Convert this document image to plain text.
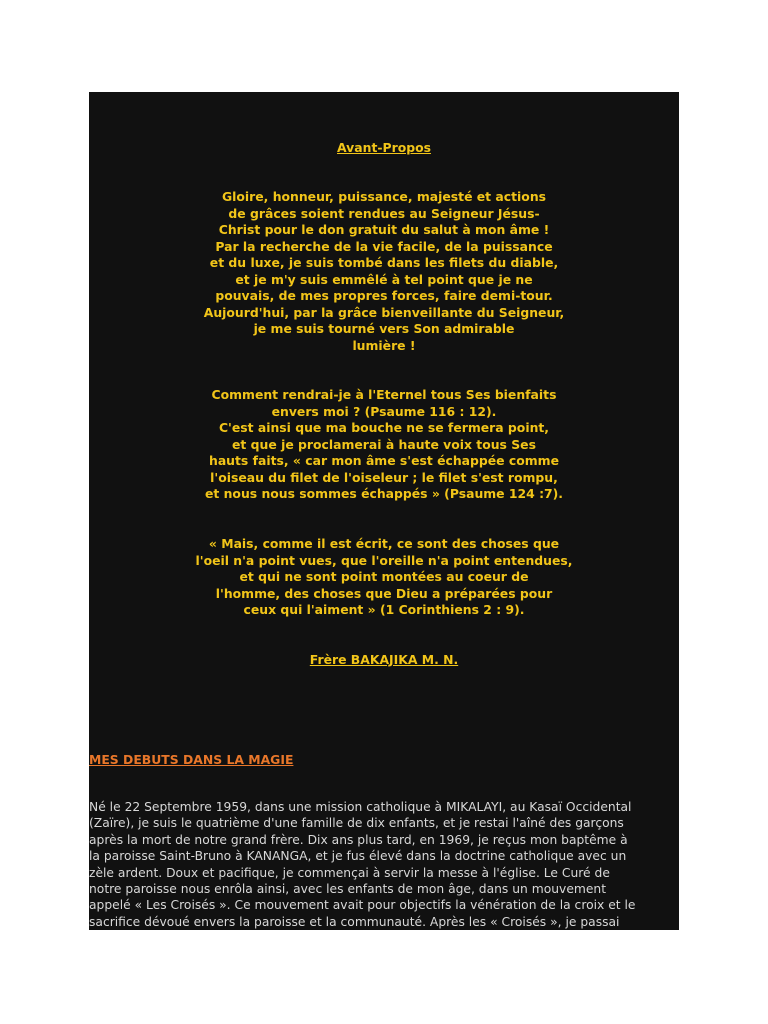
Avant-Propos

Gloire, honneur, puissance, majesté et actions
de grâces soient rendues au Seigneur Jésus-
Christ pour le don gratuit du salut à mon âme !
Par la recherche de la vie facile, de la puissance
et du luxe, je suis tombé dans les filets du diable,
et je m'y suis emmêlé à tel point que je ne
pouvais, de mes propres forces, faire demi-tour.
Aujourd'hui, par la grâce bienveillante du Seigneur,
je me suis tourné vers Son admirable
lumière !

Comment rendrai-je à l'Eternel tous Ses bienfaits
envers moi ? (Psaume 116 : 12).
C'est ainsi que ma bouche ne se fermera point,
et que je proclamerai à haute voix tous Ses
hauts faits, « car mon âme s'est échappée comme
l'oiseau du filet de l'oiseleur ; le filet s'est rompu,
et nous nous sommes échappés » (Psaume 124 :7).

« Mais, comme il est écrit, ce sont des choses que
l'oeil n'a point vues, que l'oreille n'a point entendues,
et qui ne sont point montées au coeur de
l'homme, des choses que Dieu a préparées pour
ceux qui l'aiment » (1 Corinthiens 2 : 9).

Frère BAKAJIKA M. N.

MES DEBUTS DANS LA MAGIE
Né le 22 Septembre 1959, dans une mission catholique à MIKALAYI, au Kasaï Occidental
(Zaïre), je suis le quatrième d'une famille de dix enfants, et je restai l'aîné des garçons
après la mort de notre grand frère. Dix ans plus tard, en 1969, je reçus mon baptême à
la paroisse Saint-Bruno à KANANGA, et je fus élevé dans la doctrine catholique avec un
zèle ardent. Doux et pacifique, je commençai à servir la messe à l'église. Le Curé de
notre paroisse nous enrôla ainsi, avec les enfants de mon âge, dans un mouvement
appelé « Les Croisés ». Ce mouvement avait pour objectifs la vénération de la croix et le
sacrifice dévoué envers la paroisse et la communauté. Après les « Croisés », je passai
